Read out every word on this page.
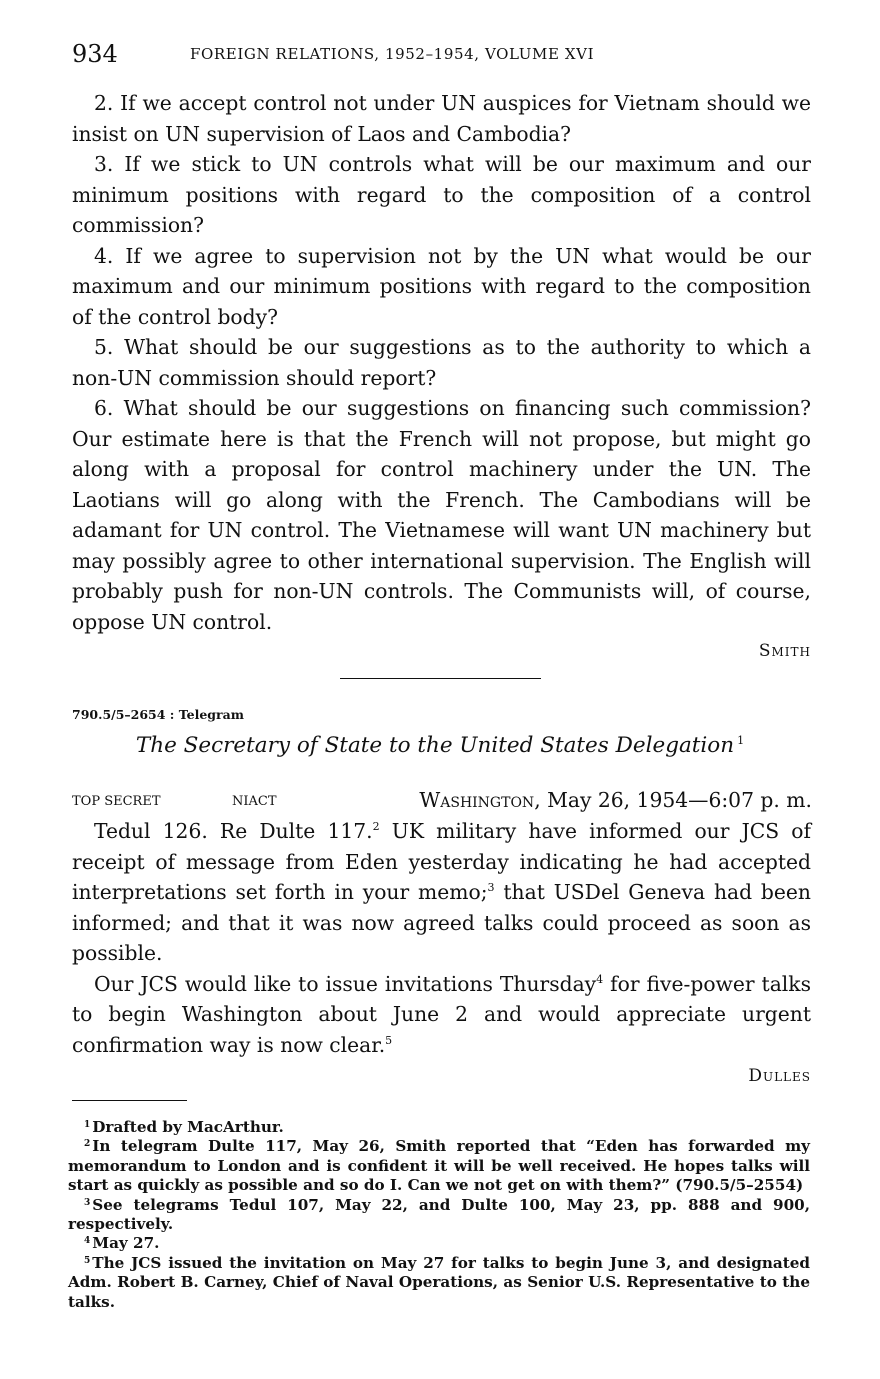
934	FOREIGN RELATIONS, 1952–1954, VOLUME XVI

2. If we accept control not under UN auspices for Vietnam should we insist on UN supervision of Laos and Cambodia?

3. If we stick to UN controls what will be our maximum and our minimum positions with regard to the composition of a control commission?

4. If we agree to supervision not by the UN what would be our maximum and our minimum positions with regard to the composition of the control body?

5. What should be our suggestions as to the authority to which a non-UN commission should report?

6. What should be our suggestions on financing such commission? Our estimate here is that the French will not propose, but might go along with a proposal for control machinery under the UN. The Laotians will go along with the French. The Cambodians will be adamant for UN control. The Vietnamese will want UN machinery but may possibly agree to other international supervision. The English will probably push for non-UN controls. The Communists will, of course, oppose UN control.

Smith
790.5/5–2654 : Telegram
The Secretary of State to the United States Delegation $^1$
TOP SECRET	NIACT	Washington, May 26, 1954—6:07 p. m.

Tedul 126. Re Dulte 117.$^2$ UK military have informed our JCS of receipt of message from Eden yesterday indicating he had accepted interpretations set forth in your memo;$^3$ that USDel Geneva had been informed; and that it was now agreed talks could proceed as soon as possible.

Our JCS would like to issue invitations Thursday$^4$ for five-power talks to begin Washington about June 2 and would appreciate urgent confirmation way is now clear.$^5$

Dulles

$^1$ Drafted by MacArthur.

$^2$ In telegram Dulte 117, May 26, Smith reported that “Eden has forwarded my memorandum to London and is confident it will be well received. He hopes talks will start as quickly as possible and so do I. Can we not get on with them?” (790.5/5–2554)

$^3$ See telegrams Tedul 107, May 22, and Dulte 100, May 23, pp. 888 and 900, respectively.

$^4$ May 27.

$^5$ The JCS issued the invitation on May 27 for talks to begin June 3, and designated Adm. Robert B. Carney, Chief of Naval Operations, as Senior U.S. Representative to the talks.
